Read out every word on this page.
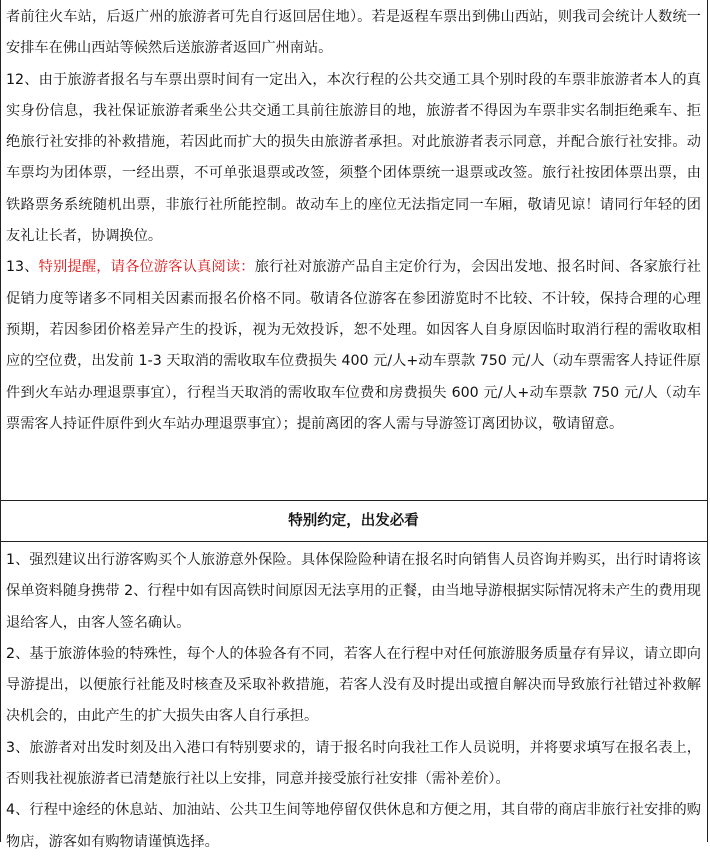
者前往火车站，后返广州的旅游者可先自行返回居住地）。若是返程车票出到佛山西站，则我司会统计人数统一安排车在佛山西站等候然后送旅游者返回广州南站。

12、由于旅游者报名与车票出票时间有一定出入，本次行程的公共交通工具个别时段的车票非旅游者本人的真实身份信息，我社保证旅游者乘坐公共交通工具前往旅游目的地，旅游者不得因为车票非实名制拒绝乘车、拒绝旅行社安排的补救措施，若因此而扩大的损失由旅游者承担。对此旅游者表示同意，并配合旅行社安排。动车票均为团体票，一经出票，不可单张退票或改签，须整个团体票统一退票或改签。旅行社按团体票出票，由铁路票务系统随机出票，非旅行社所能控制。故动车上的座位无法指定同一车厢，敬请见谅！请同行年轻的团友礼让长者，协调换位。

13、特别提醒，请各位游客认真阅读：旅行社对旅游产品自主定价行为，会因出发地、报名时间、各家旅行社促销力度等诸多不同相关因素而报名价格不同。敬请各位游客在参团游览时不比较、不计较，保持合理的心理预期，若因参团价格差异产生的投诉，视为无效投诉，恕不处理。如因客人自身原因临时取消行程的需收取相应的空位费，出发前 1-3 天取消的需收取车位费损失 400 元/人+动车票款 750 元/人（动车票需客人持证件原件到火车站办理退票事宜），行程当天取消的需收取车位费和房费损失 600 元/人+动车票款 750 元/人（动车票需客人持证件原件到火车站办理退票事宜）；提前离团的客人需与导游签订离团协议，敬请留意。

特别约定，出发必看

1、强烈建议出行游客购买个人旅游意外保险。具体保险险种请在报名时向销售人员咨询并购买，出行时请将该保单资料随身携带 2、行程中如有因高铁时间原因无法享用的正餐，由当地导游根据实际情况将未产生的费用现退给客人，由客人签名确认。

2、基于旅游体验的特殊性，每个人的体验各有不同，若客人在行程中对任何旅游服务质量存有异议，请立即向导游提出，以便旅行社能及时核查及采取补救措施，若客人没有及时提出或擅自解决而导致旅行社错过补救解决机会的，由此产生的扩大损失由客人自行承担。

3、旅游者对出发时刻及出入港口有特别要求的，请于报名时向我社工作人员说明，并将要求填写在报名表上，否则我社视旅游者已清楚旅行社以上安排，同意并接受旅行社安排（需补差价）。

4、行程中途经的休息站、加油站、公共卫生间等地停留仅供休息和方便之用，其自带的商店非旅行社安排的购物店，游客如有购物请谨慎选择。
